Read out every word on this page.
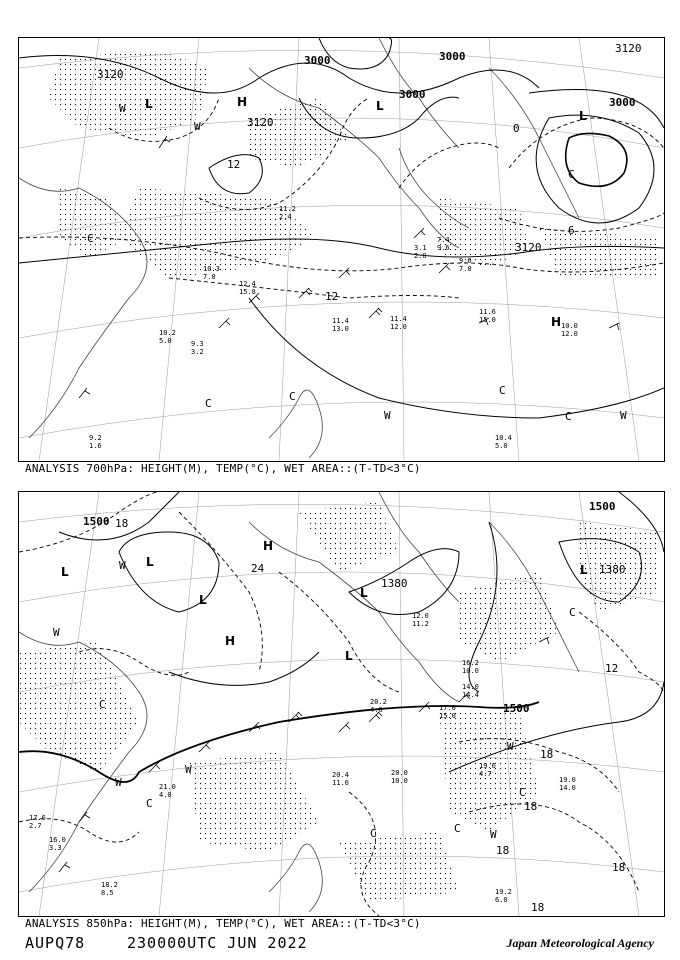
3120
3000	3000
3000
3120
3120
3000
3120
12
12
6
0
L	H
L
L
H
W
W
W	W
C
C
C	C
C
C
11.6
15.0
10.0
12.0
11.4
12.0
11.4
13.0
10.2
5.0	9.3
3.2
10.4
5.0
9.2
1.6
12.4
15.8
10.3
7.0
11.2
2.4
7.4
9.6
9.6
7.0
3.1
2.0
ANALYSIS 700hPa: HEIGHT(M), TEMP(°C), WET AREA::(T-TD<3°C)
1500
1500
1380
1380
1500
18
24
12
18
18
18
18
18
L
L
L	L
L
L
H
H
W
W
W
W
W
W
C
C
C
C
C
C
19.6
4.7
19.0
14.0
19.2
6.0
20.0
10.0
20.4
11.0
21.0
4.0
16.2
10.0
14.0
14.4
17.0
15.0
12.0
11.2
20.2
4.6
17.6
2.7
18.2
8.5
16.0
3.3
ANALYSIS 850hPa: HEIGHT(M), TEMP(°C), WET AREA::(T-TD<3°C)
AUPQ78	230000UTC JUN 2022	Japan Meteorological Agency
